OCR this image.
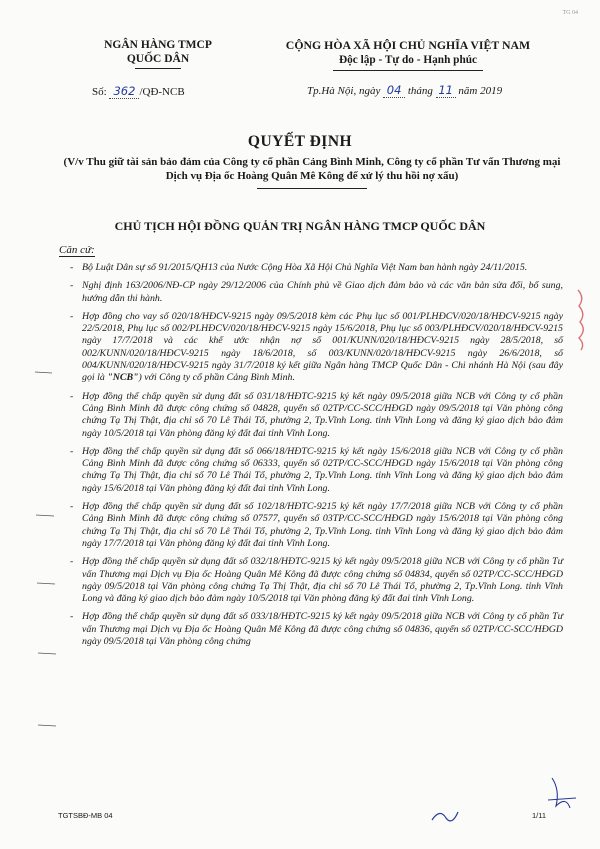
TG 04
NGÂN HÀNG TMCP
QUỐC DÂN
CỘNG HÒA XÃ HỘI CHỦ NGHĨA VIỆT NAM
Độc lập - Tự do - Hạnh phúc
Số: 362 /QĐ-NCB	Tp.Hà Nội, ngày 04 tháng 11 năm 2019
QUYẾT ĐỊNH
(V/v Thu giữ tài sản bảo đảm của Công ty cổ phần Cảng Bình Minh, Công ty cổ phần Tư vấn Thương mại Dịch vụ Địa ốc Hoàng Quân Mê Kông để xử lý thu hồi nợ xấu)
CHỦ TỊCH HỘI ĐỒNG QUẢN TRỊ NGÂN HÀNG TMCP QUỐC DÂN
Căn cứ:
- Bộ Luật Dân sự số 91/2015/QH13 của Nước Cộng Hòa Xã Hội Chủ Nghĩa Việt Nam ban hành ngày 24/11/2015.
- Nghị định 163/2006/NĐ-CP ngày 29/12/2006 của Chính phủ về Giao dịch đảm bảo và các văn bản sửa đổi, bổ sung, hướng dẫn thi hành.
- Hợp đồng cho vay số 020/18/HĐCV-9215 ngày 09/5/2018 kèm các Phụ lục số 001/PLHĐCV/020/18/HĐCV-9215 ngày 22/5/2018, Phụ lục số 002/PLHĐCV/020/18/HĐCV-9215 ngày 15/6/2018, Phụ lục số 003/PLHĐCV/020/18/HĐCV-9215 ngày 17/7/2018 và các khế ước nhận nợ số 001/KUNN/020/18/HĐCV-9215 ngày 28/5/2018, số 002/KUNN/020/18/HĐCV-9215 ngày 18/6/2018, số 003/KUNN/020/18/HĐCV-9215 ngày 26/6/2018, số 004/KUNN/020/18/HĐCV-9215 ngày 31/7/2018 ký kết giữa Ngân hàng TMCP Quốc Dân - Chi nhánh Hà Nội (sau đây gọi là "NCB") với Công ty cổ phần Cảng Bình Minh.
- Hợp đồng thế chấp quyền sử dụng đất số 031/18/HĐTC-9215 ký kết ngày 09/5/2018 giữa NCB với Công ty cổ phần Cảng Bình Minh đã được công chứng số 04828, quyển số 02TP/CC-SCC/HĐGD ngày 09/5/2018 tại Văn phòng công chứng Tạ Thị Thật, địa chỉ số 70 Lê Thái Tổ, phường 2, Tp.Vĩnh Long. tỉnh Vĩnh Long và đăng ký giao dịch bảo đảm ngày 10/5/2018 tại Văn phòng đăng ký đất đai tỉnh Vĩnh Long.
- Hợp đồng thế chấp quyền sử dụng đất số 066/18/HĐTC-9215 ký kết ngày 15/6/2018 giữa NCB với Công ty cổ phần Cảng Bình Minh đã được công chứng số 06333, quyển số 02TP/CC-SCC/HĐGD ngày 15/6/2018 tại Văn phòng công chứng Tạ Thị Thật, địa chỉ số 70 Lê Thái Tổ, phường 2, Tp.Vĩnh Long. tỉnh Vĩnh Long và đăng ký giao dịch bảo đảm ngày 15/6/2018 tại Văn phòng đăng ký đất đai tỉnh Vĩnh Long.
- Hợp đồng thế chấp quyền sử dụng đất số 102/18/HĐTC-9215 ký kết ngày 17/7/2018 giữa NCB với Công ty cổ phần Cảng Bình Minh đã được công chứng số 07577, quyển số 03TP/CC-SCC/HĐGD ngày 15/6/2018 tại Văn phòng công chứng Tạ Thị Thật, địa chỉ số 70 Lê Thái Tổ, phường 2, Tp.Vĩnh Long. tỉnh Vĩnh Long và đăng ký giao dịch bảo đảm ngày 17/7/2018 tại Văn phòng đăng ký đất đai tỉnh Vĩnh Long.
- Hợp đồng thế chấp quyền sử dụng đất số 032/18/HĐTC-9215 ký kết ngày 09/5/2018 giữa NCB với Công ty cổ phần Tư vấn Thương mại Dịch vụ Địa ốc Hoàng Quân Mê Kông đã được công chứng số 04834, quyển số 02TP/CC-SCC/HĐGD ngày 09/5/2018 tại Văn phòng công chứng Tạ Thị Thật, địa chỉ số 70 Lê Thái Tổ, phường 2, Tp.Vĩnh Long. tỉnh Vĩnh Long và đăng ký giao dịch bảo đảm ngày 10/5/2018 tại Văn phòng đăng ký đất đai tỉnh Vĩnh Long.
- Hợp đồng thế chấp quyền sử dụng đất số 033/18/HĐTC-9215 ký kết ngày 09/5/2018 giữa NCB với Công ty cổ phần Tư vấn Thương mại Dịch vụ Địa ốc Hoàng Quân Mê Kông đã được công chứng số 04836, quyển số 02TP/CC-SCC/HĐGD ngày 09/5/2018 tại Văn phòng công chứng
TGTSBĐ-MB 04	1/11
